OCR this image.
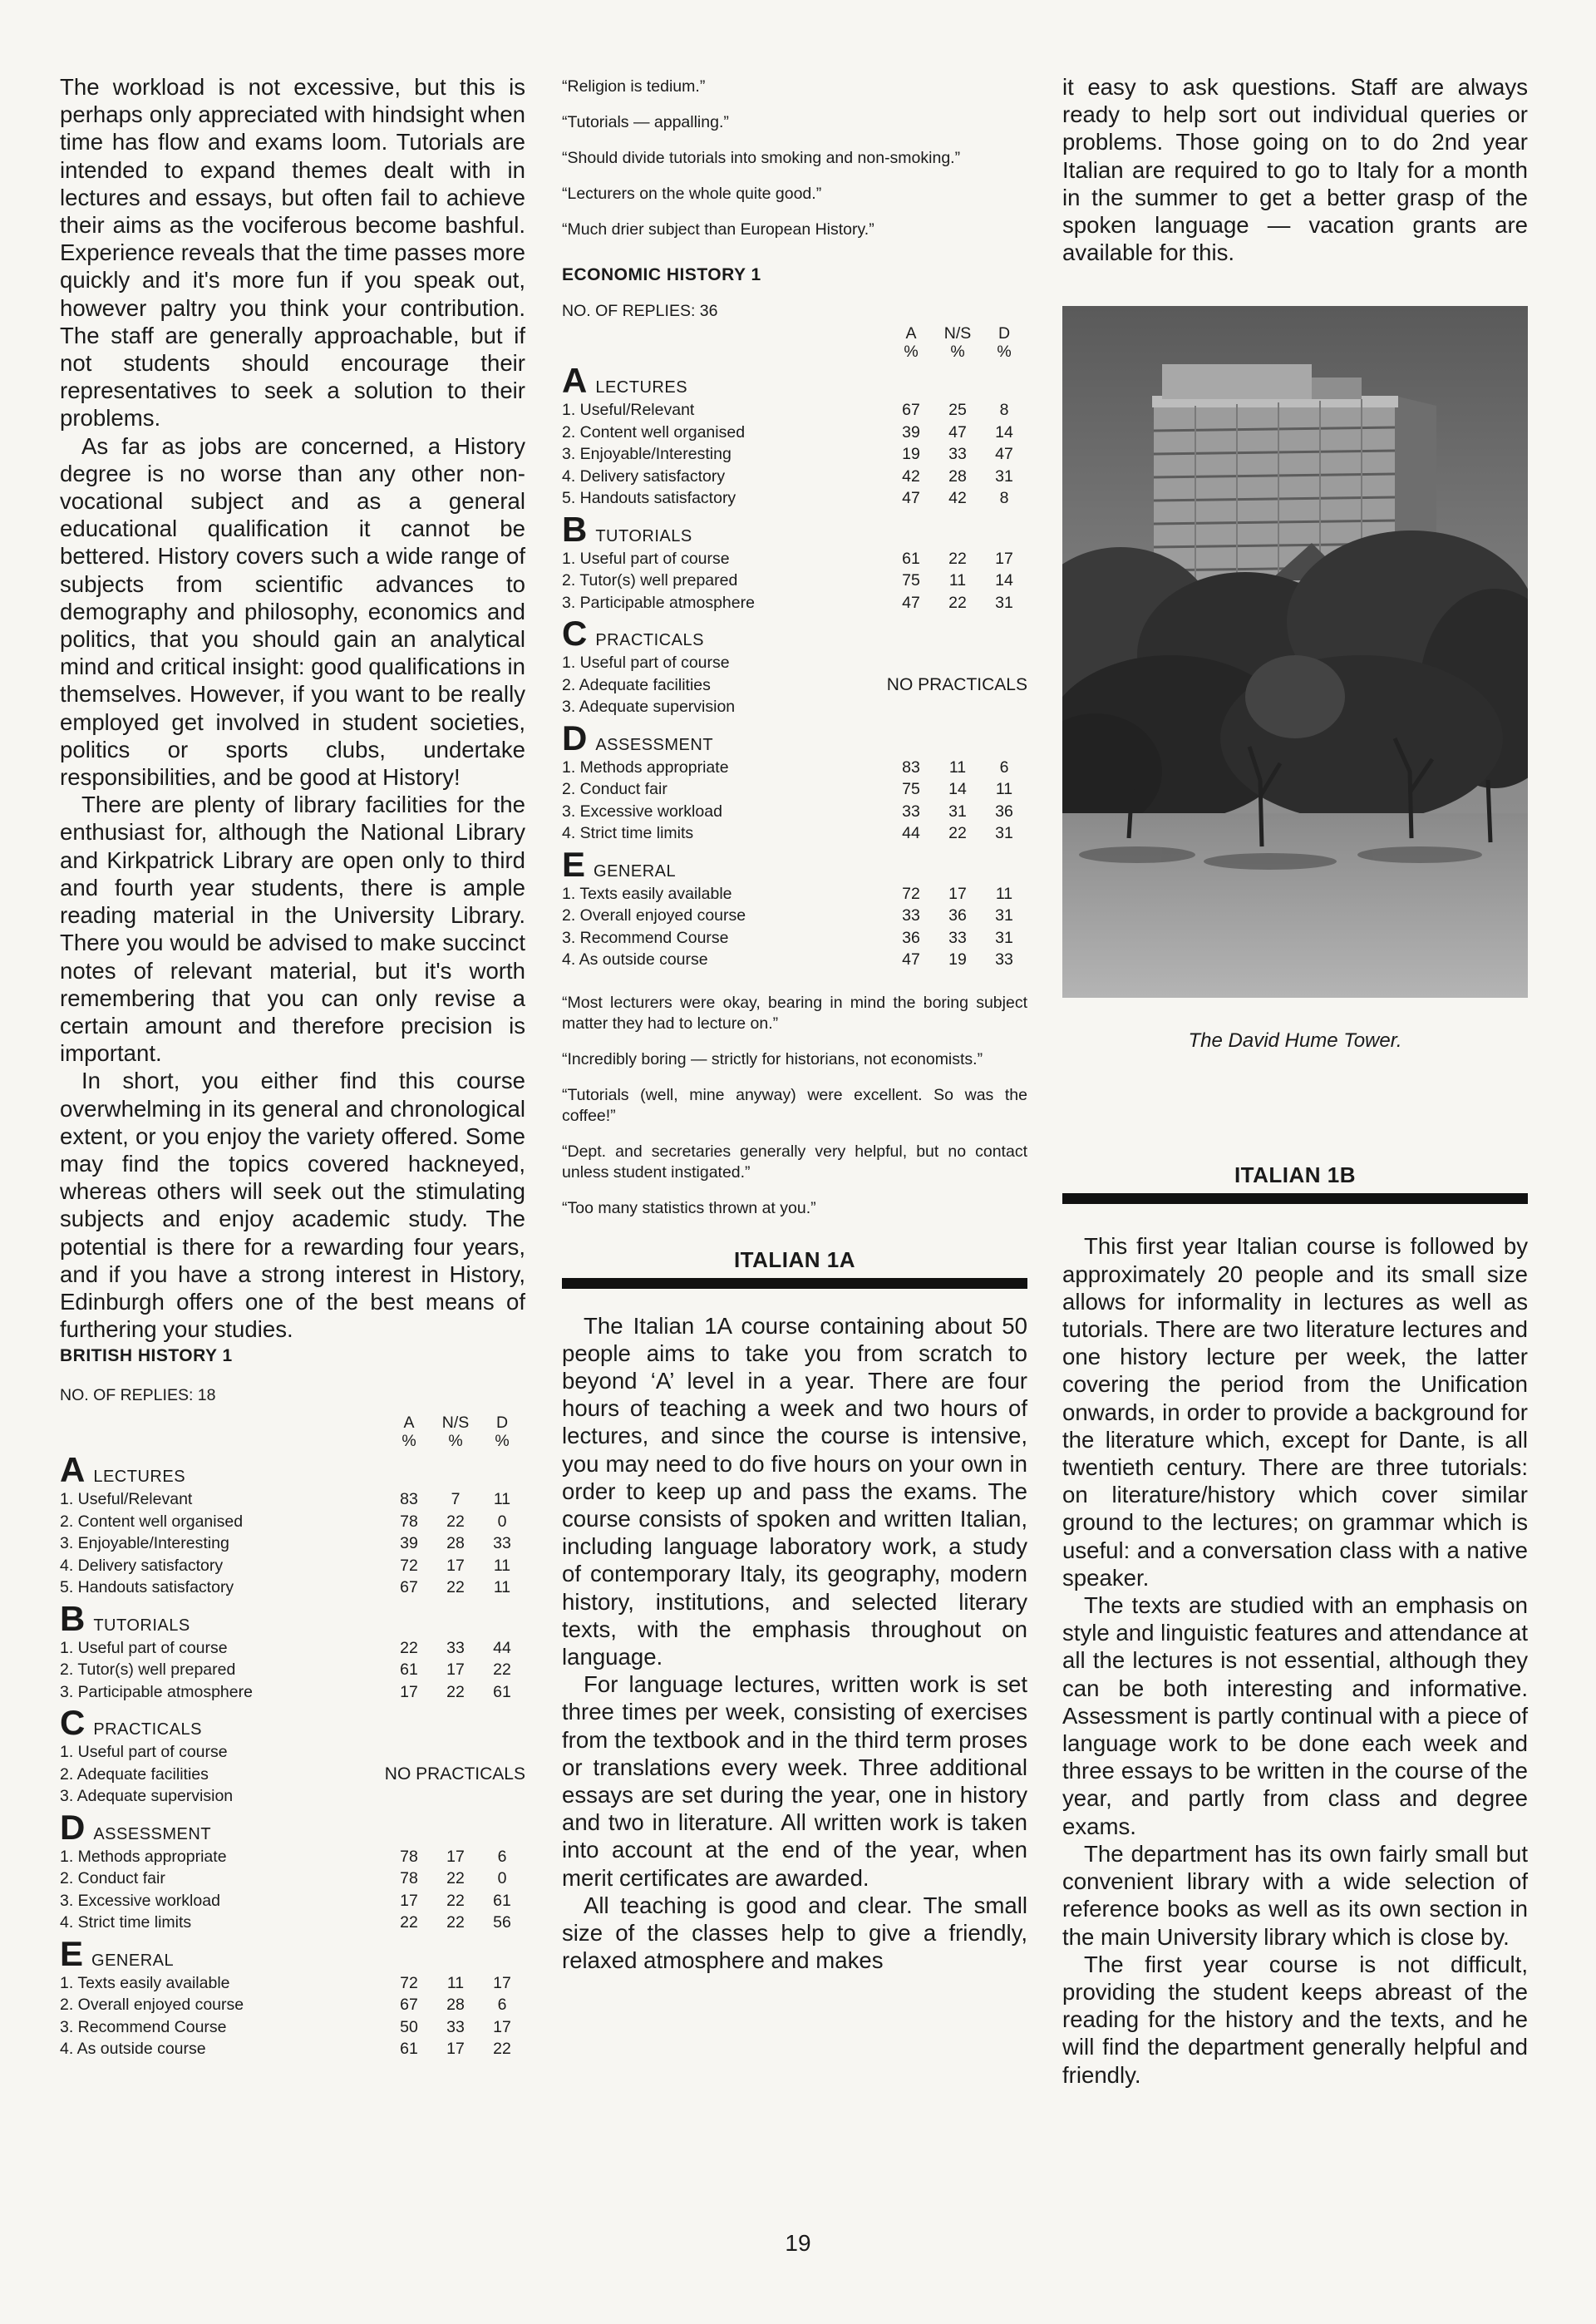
The workload is not excessive, but this is perhaps only appreciated with hindsight when time has flow and exams loom. Tutorials are intended to expand themes dealt with in lectures and essays, but often fail to achieve their aims as the vociferous become bashful. Experience reveals that the time passes more quickly and it's more fun if you speak out, however paltry you think your contribution. The staff are generally approachable, but if not students should encourage their representatives to seek a solution to their problems.

As far as jobs are concerned, a History degree is no worse than any other non-vocational subject and as a general educational qualification it cannot be bettered. History covers such a wide range of subjects from scientific advances to demography and philosophy, economics and politics, that you should gain an analytical mind and critical insight: good qualifications in themselves. However, if you want to be really employed get involved in student societies, politics or sports clubs, undertake responsibilities, and be good at History!

There are plenty of library facilities for the enthusiast for, although the National Library and Kirkpatrick Library are open only to third and fourth year students, there is ample reading material in the University Library. There you would be advised to make succinct notes of relevant material, but it's worth remembering that you can only revise a certain amount and therefore precision is important.

In short, you either find this course overwhelming in its general and chronological extent, or you enjoy the variety offered. Some may find the topics covered hackneyed, whereas others will seek out the stimulating subjects and enjoy academic study. The potential is there for a rewarding four years, and if you have a strong interest in History, Edinburgh offers one of the best means of furthering your studies.

BRITISH HISTORY 1

NO. OF REPLIES: 18
A	N/S	D
%	%	%
A LECTURES
1. Useful/Relevant	83	7	11
2. Content well organised	78	22	0
3. Enjoyable/Interesting	39	28	33
4. Delivery satisfactory	72	17	11
5. Handouts satisfactory	67	22	11
B TUTORIALS
1. Useful part of course	22	33	44
2. Tutor(s) well prepared	61	17	22
3. Participable atmosphere	17	22	61
C PRACTICALS
1. Useful part of course
2. Adequate facilities	NO PRACTICALS
3. Adequate supervision
D ASSESSMENT
1. Methods appropriate	78	17	6
2. Conduct fair	78	22	0
3. Excessive workload	17	22	61
4. Strict time limits	22	22	56
E GENERAL
1. Texts easily available	72	11	17
2. Overall enjoyed course	67	28	6
3. Recommend Course	50	33	17
4. As outside course	61	17	22

“Religion is tedium.”

“Tutorials — appalling.”

“Should divide tutorials into smoking and non-smoking.”

“Lecturers on the whole quite good.”

“Much drier subject than European History.”

ECONOMIC HISTORY 1

NO. OF REPLIES: 36
A	N/S	D
%	%	%
A LECTURES
1. Useful/Relevant	67	25	8
2. Content well organised	39	47	14
3. Enjoyable/Interesting	19	33	47
4. Delivery satisfactory	42	28	31
5. Handouts satisfactory	47	42	8
B TUTORIALS
1. Useful part of course	61	22	17
2. Tutor(s) well prepared	75	11	14
3. Participable atmosphere	47	22	31
C PRACTICALS
1. Useful part of course
2. Adequate facilities	NO PRACTICALS
3. Adequate supervision
D ASSESSMENT
1. Methods appropriate	83	11	6
2. Conduct fair	75	14	11
3. Excessive workload	33	31	36
4. Strict time limits	44	22	31
E GENERAL
1. Texts easily available	72	17	11
2. Overall enjoyed course	33	36	31
3. Recommend Course	36	33	31
4. As outside course	47	19	33

“Most lecturers were okay, bearing in mind the boring subject matter they had to lecture on.”

“Incredibly boring — strictly for historians, not economists.”

“Tutorials (well, mine anyway) were excellent. So was the coffee!”

“Dept. and secretaries generally very helpful, but no contact unless student instigated.”

“Too many statistics thrown at you.”

ITALIAN 1A

The Italian 1A course containing about 50 people aims to take you from scratch to beyond ‘A’ level in a year. There are four hours of teaching a week and two hours of lectures, and since the course is intensive, you may need to do five hours on your own in order to keep up and pass the exams. The course consists of spoken and written Italian, including language laboratory work, a study of contemporary Italy, its geography, modern history, institutions, and selected literary texts, with the emphasis throughout on language.

For language lectures, written work is set three times per week, consisting of exercises from the textbook and in the third term proses or translations every week. Three additional essays are set during the year, one in history and two in literature. All written work is taken into account at the end of the year, when merit certificates are awarded.

All teaching is good and clear. The small size of the classes help to give a friendly, relaxed atmosphere and makes

it easy to ask questions. Staff are always ready to help sort out individual queries or problems. Those going on to do 2nd year Italian are required to go to Italy for a month in the summer to get a better grasp of the spoken language — vacation grants are available for this.

The David Hume Tower.

ITALIAN 1B

This first year Italian course is followed by approximately 20 people and its small size allows for informality in lectures as well as tutorials. There are two literature lectures and one history lecture per week, the latter covering the period from the Unification onwards, in order to provide a background for the literature which, except for Dante, is all twentieth century. There are three tutorials: on literature/history which cover similar ground to the lectures; on grammar which is useful: and a conversation class with a native speaker.

The texts are studied with an emphasis on style and linguistic features and attendance at all the lectures is not essential, although they can be both interesting and informative. Assessment is partly continual with a piece of language work to be done each week and three essays to be written in the course of the year, and partly from class and degree exams.

The department has its own fairly small but convenient library with a wide selection of reference books as well as its own section in the main University library which is close by.

The first year course is not difficult, providing the student keeps abreast of the reading for the history and the texts, and he will find the department generally helpful and friendly.

19
